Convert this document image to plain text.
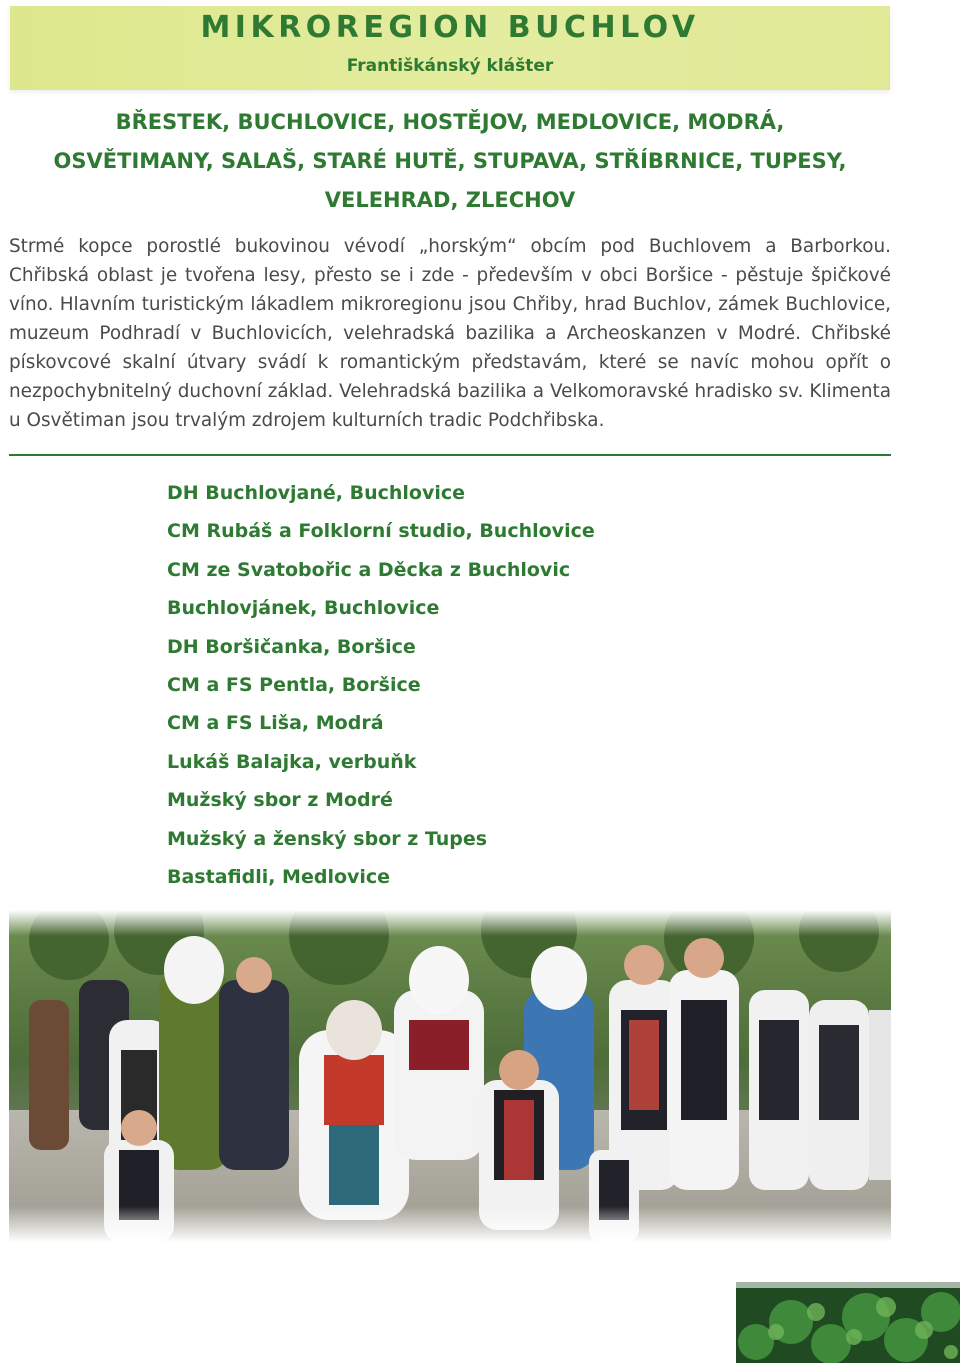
MIKROREGION BUCHLOV
Františkánský klášter
BŘESTEK, BUCHLOVICE, HOSTĚJOV, MEDLOVICE, MODRÁ,
OSVĚTIMANY, SALAŠ, STARÉ HUTĚ, STUPAVA, STŘÍBRNICE, TUPESY,
VELEHRAD, ZLECHOV

Strmé kopce porostlé bukovinou vévodí „horským“ obcím pod Buchlovem a Barborkou. Chřibská oblast je tvořena lesy, přesto se i zde - především v obci Boršice - pěstuje špičkové víno. Hlavním turistickým lákadlem mikroregionu jsou Chřiby, hrad Buchlov, zámek Buchlovice, muzeum Podhradí v Buchlovicích, velehradská bazilika a Archeoskanzen v Modré. Chřibské pískovcové skalní útvary svádí k romantickým představám, které se navíc mohou opřít o nezpochybnitelný duchovní základ. Velehradská bazilika a Velkomoravské hradisko sv. Klimenta u Osvětiman jsou trvalým zdrojem kulturních tradic Podchřibska.

DH Buchlovjané, Buchlovice
CM Rubáš a Folklorní studio, Buchlovice
CM ze Svatobořic a Děcka z Buchlovic
Buchlovjánek, Buchlovice
DH Boršičanka, Boršice
CM a FS Pentla, Boršice
CM a FS Liša, Modrá
Lukáš Balajka, verbuňk
Mužský sbor z Modré
Mužský a ženský sbor z Tupes
Bastafidli, Medlovice
